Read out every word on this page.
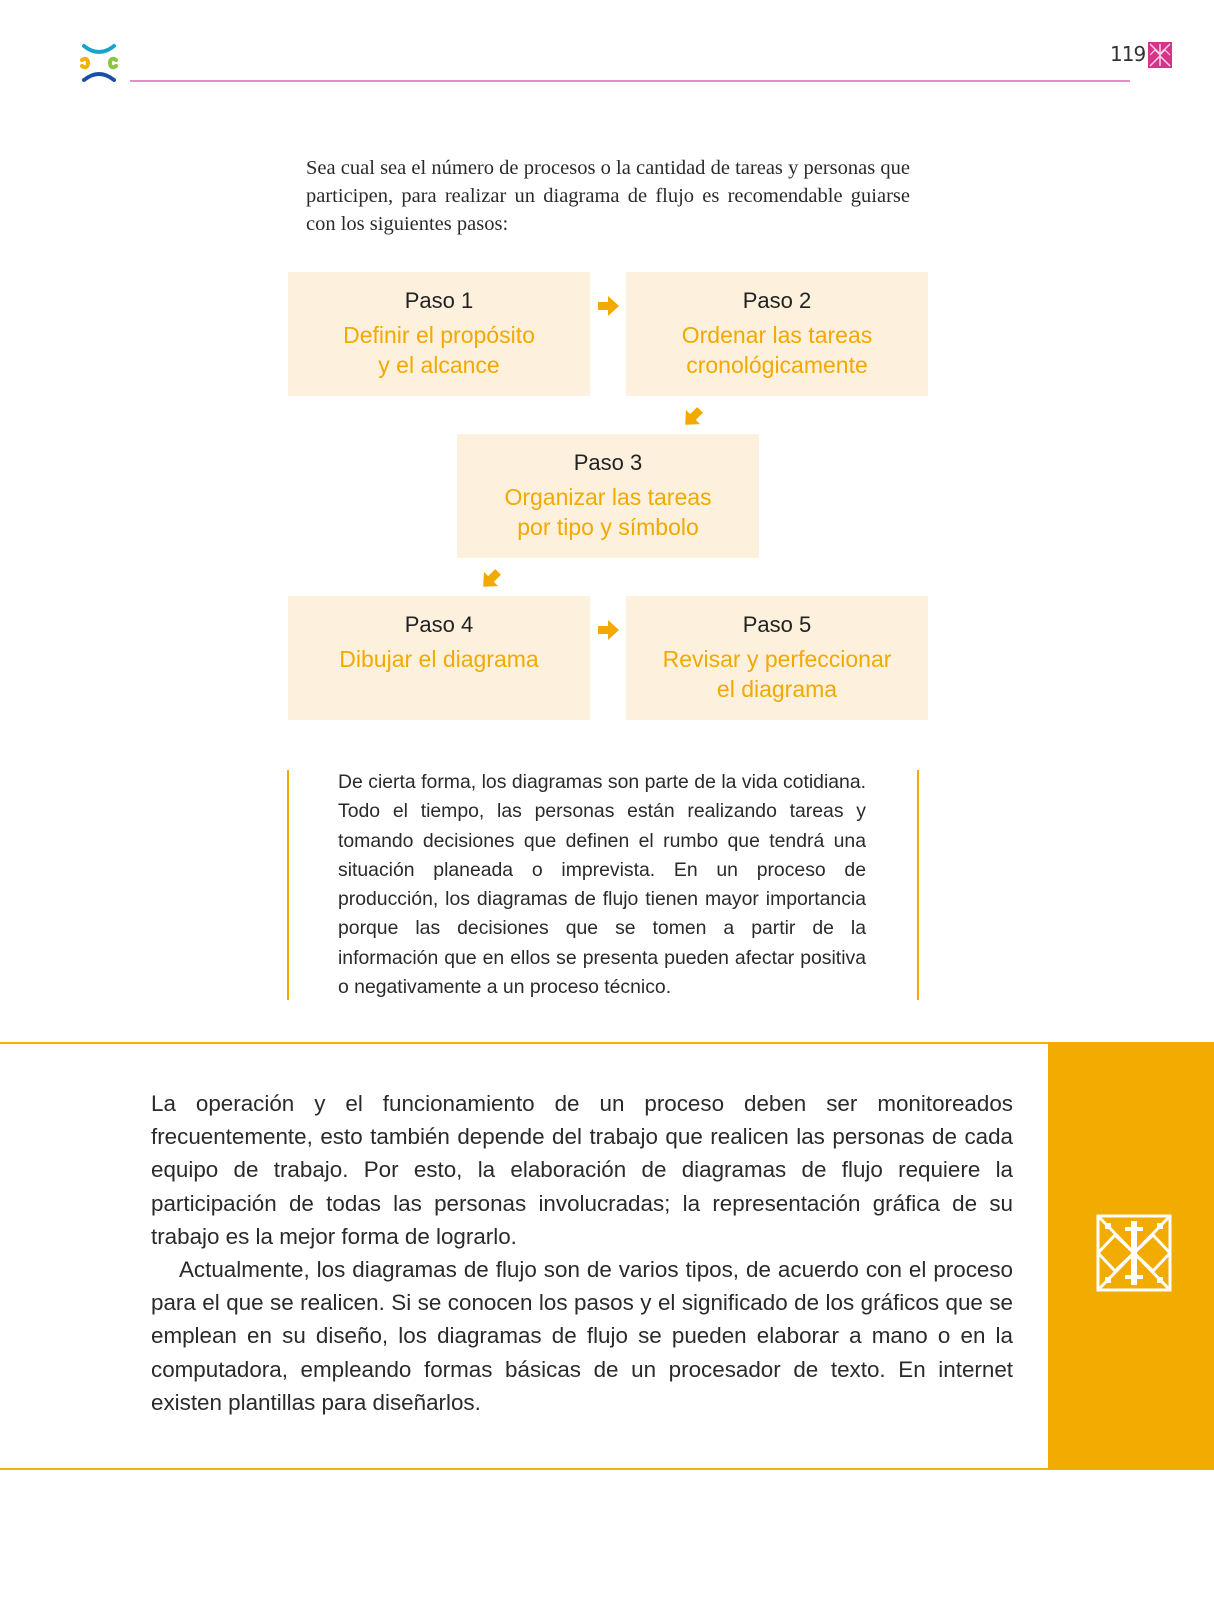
119
Sea cual sea el número de procesos o la cantidad de tareas y personas que participen, para realizar un diagrama de flujo es recomendable guiarse con los siguientes pasos:
Paso 1
Definir el propósito
y el alcance
Paso 2
Ordenar las tareas
cronológicamente
Paso 3
Organizar las tareas
por tipo y símbolo
Paso 4
Dibujar el diagrama
Paso 5
Revisar y perfeccionar
el diagrama
De cierta forma, los diagramas son parte de la vida cotidiana. Todo el tiempo, las personas están realizando tareas y tomando decisiones que definen el rumbo que tendrá una situación planeada o imprevista. En un proceso de producción, los diagramas de flujo tienen mayor importancia porque las decisiones que se tomen a partir de la información que en ellos se presenta pueden afectar positiva o negativamente a un proceso técnico.

La operación y el funcionamiento de un proceso deben ser monitoreados frecuentemente, esto también depende del trabajo que realicen las personas de cada equipo de trabajo. Por esto, la elaboración de diagramas de flujo requiere la participación de todas las personas involucradas; la representación gráfica de su trabajo es la mejor forma de lograrlo.

Actualmente, los diagramas de flujo son de varios tipos, de acuerdo con el proceso para el que se realicen. Si se conocen los pasos y el significado de los gráficos que se emplean en su diseño, los diagramas de flujo se pueden elaborar a mano o en la computadora, empleando formas básicas de un procesador de texto. En internet existen plantillas para diseñarlos.
